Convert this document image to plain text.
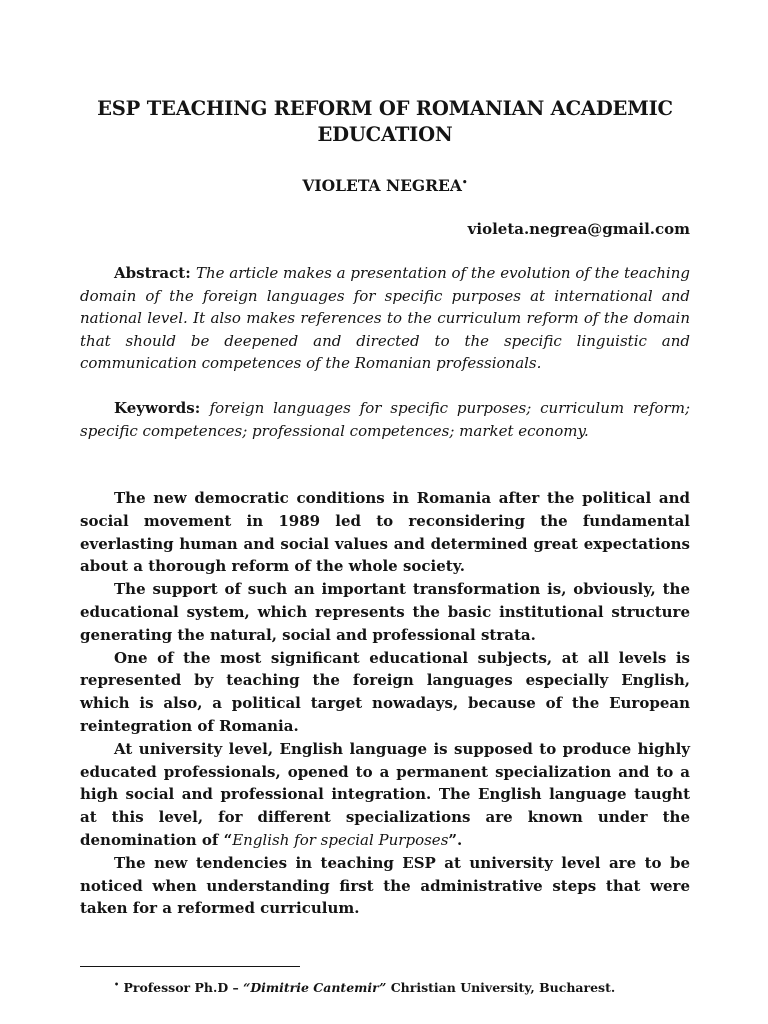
ESP TEACHING REFORM OF ROMANIAN ACADEMIC EDUCATION
VIOLETA NEGREA•
violeta.negrea@gmail.com
Abstract: The article makes a presentation of the evolution of the teaching domain of the foreign languages for specific purposes at international and national level. It also makes references to the curriculum reform of the domain that should be deepened and directed to the specific linguistic and communication competences of the Romanian professionals.
Keywords: foreign languages for specific purposes; curriculum reform; specific competences; professional competences; market economy.

The new democratic conditions in Romania after the political and social movement in 1989 led to reconsidering the fundamental everlasting human and social values and determined great expectations about a thorough reform of the whole society.

The support of such an important transformation is, obviously, the educational system, which represents the basic institutional structure generating the natural, social and professional strata.

One of the most significant educational subjects, at all levels is represented by teaching the foreign languages especially English, which is also, a political target nowadays, because of the European reintegration of Romania.

At university level, English language is supposed to produce highly educated professionals, opened to a permanent specialization and to a high social and professional integration. The English language taught at this level, for different specializations are known under the denomination of “English for special Purposes”.

The new tendencies in teaching ESP at university level are to be noticed when understanding first the administrative steps that were taken for a reformed curriculum.

• Professor Ph.D – “Dimitrie Cantemir” Christian University, Bucharest.
